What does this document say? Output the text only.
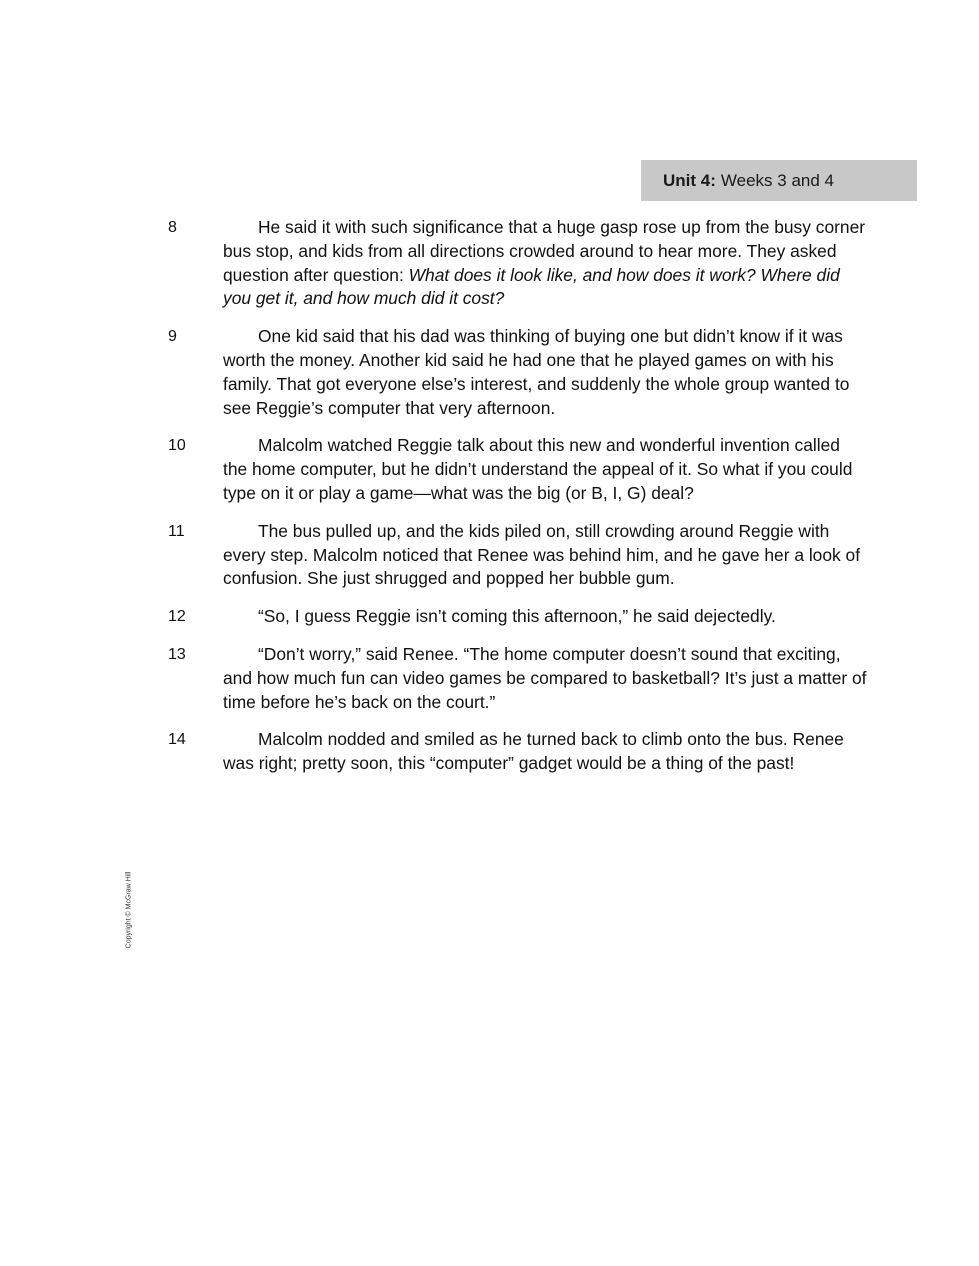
Unit 4: Weeks 3 and 4
8	He said it with such significance that a huge gasp rose up from the busy corner bus stop, and kids from all directions crowded around to hear more. They asked question after question: What does it look like, and how does it work? Where did you get it, and how much did it cost?
9	One kid said that his dad was thinking of buying one but didn’t know if it was worth the money. Another kid said he had one that he played games on with his family. That got everyone else’s interest, and suddenly the whole group wanted to see Reggie’s computer that very afternoon.
10	Malcolm watched Reggie talk about this new and wonderful invention called the home computer, but he didn’t understand the appeal of it. So what if you could type on it or play a game—what was the big (or B, I, G) deal?
11	The bus pulled up, and the kids piled on, still crowding around Reggie with every step. Malcolm noticed that Renee was behind him, and he gave her a look of confusion. She just shrugged and popped her bubble gum.
12	“So, I guess Reggie isn’t coming this afternoon,” he said dejectedly.
13	“Don’t worry,” said Renee. “The home computer doesn’t sound that exciting, and how much fun can video games be compared to basketball? It’s just a matter of time before he’s back on the court.”
14	Malcolm nodded and smiled as he turned back to climb onto the bus. Renee was right; pretty soon, this “computer” gadget would be a thing of the past!
Copyright © McGraw Hill
